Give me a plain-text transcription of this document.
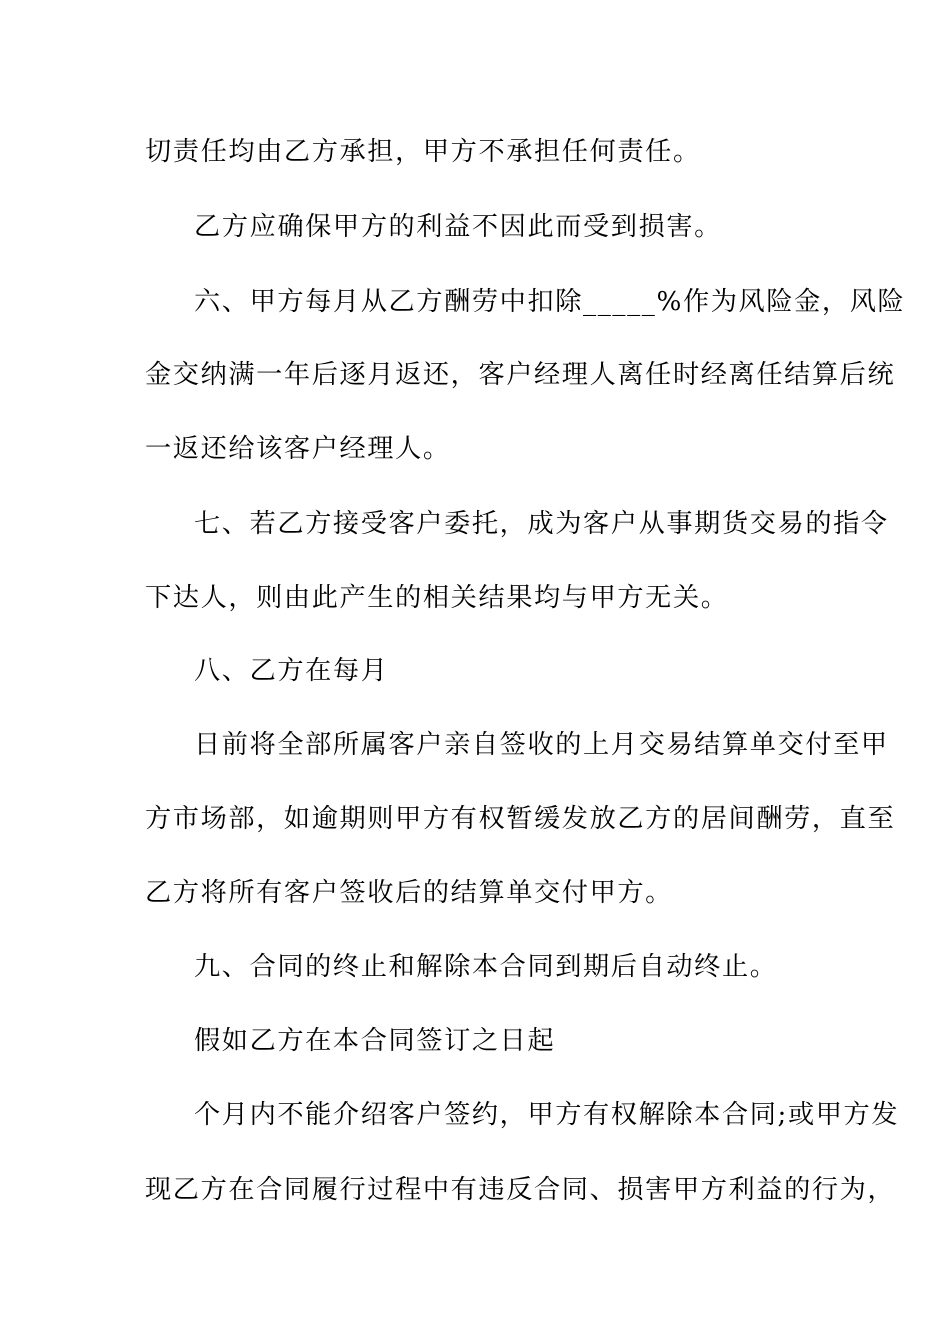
切责任均由乙方承担，甲方不承担任何责任。
乙方应确保甲方的利益不因此而受到损害。
六、甲方每月从乙方酬劳中扣除_____%作为风险金，风险
金交纳满一年后逐月返还，客户经理人离任时经离任结算后统
一返还给该客户经理人。
七、若乙方接受客户委托，成为客户从事期货交易的指令
下达人，则由此产生的相关结果均与甲方无关。
八、乙方在每月
日前将全部所属客户亲自签收的上月交易结算单交付至甲
方市场部，如逾期则甲方有权暂缓发放乙方的居间酬劳，直至
乙方将所有客户签收后的结算单交付甲方。
九、合同的终止和解除本合同到期后自动终止。
假如乙方在本合同签订之日起
个月内不能介绍客户签约，甲方有权解除本合同;或甲方发
现乙方在合同履行过程中有违反合同、损害甲方利益的行为，
